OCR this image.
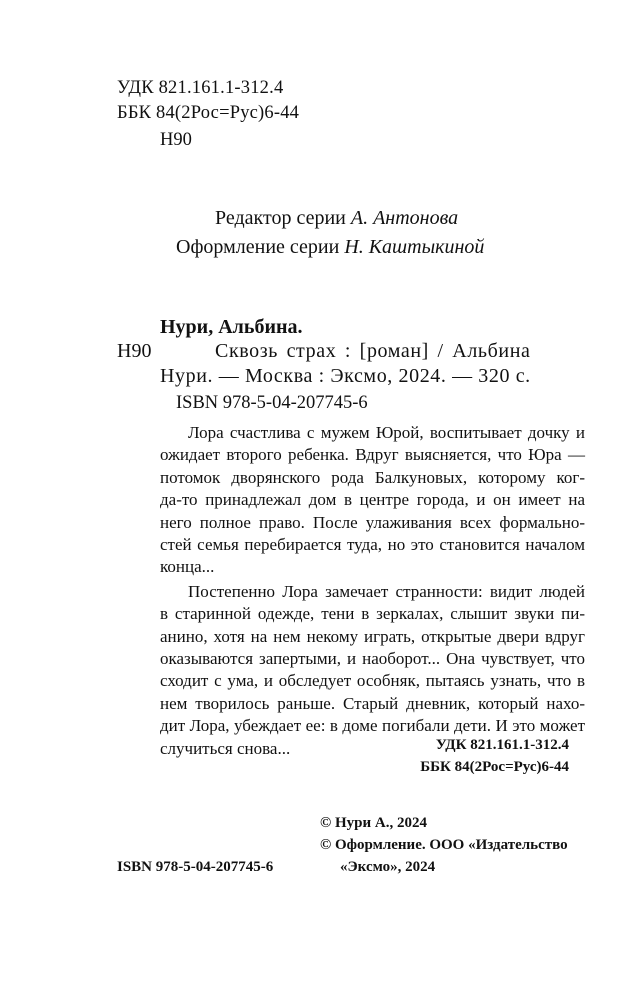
УДК 821.161.1-312.4

ББК 84(2Рос=Рус)6-44

Н90

Редактор серии А. Антонова

Оформление серии Н. Каштыкиной

Нури, Альбина.

Н90	Сквозь страх : [роман] / Альбина

Нури. — Москва : Эксмо, 2024. — 320 с.

ISBN 978-5-04-207745-6

Лора счастлива с мужем Юрой, воспитывает дочку и
ожидает второго ребенка. Вдруг выясняется, что Юра —
потомок дворянского рода Балкуновых, которому ког-
да-то принадлежал дом в центре города, и он имеет на
него полное право. После улаживания всех формально-
стей семья перебирается туда, но это становится началом
конца...
Постепенно Лора замечает странности: видит людей
в старинной одежде, тени в зеркалах, слышит звуки пи-
анино, хотя на нем некому играть, открытые двери вдруг
оказываются запертыми, и наоборот... Она чувствует, что
сходит с ума, и обследует особняк, пытаясь узнать, что в
нем творилось раньше. Старый дневник, который нахо-
дит Лора, убеждает ее: в доме погибали дети. И это может
случиться снова...	УДК 821.161.1-312.4

ББК 84(2Рос=Рус)6-44

© Нури А., 2024

© Оформление. ООО «Издательство

«Эксмо», 2024

ISBN 978-5-04-207745-6
